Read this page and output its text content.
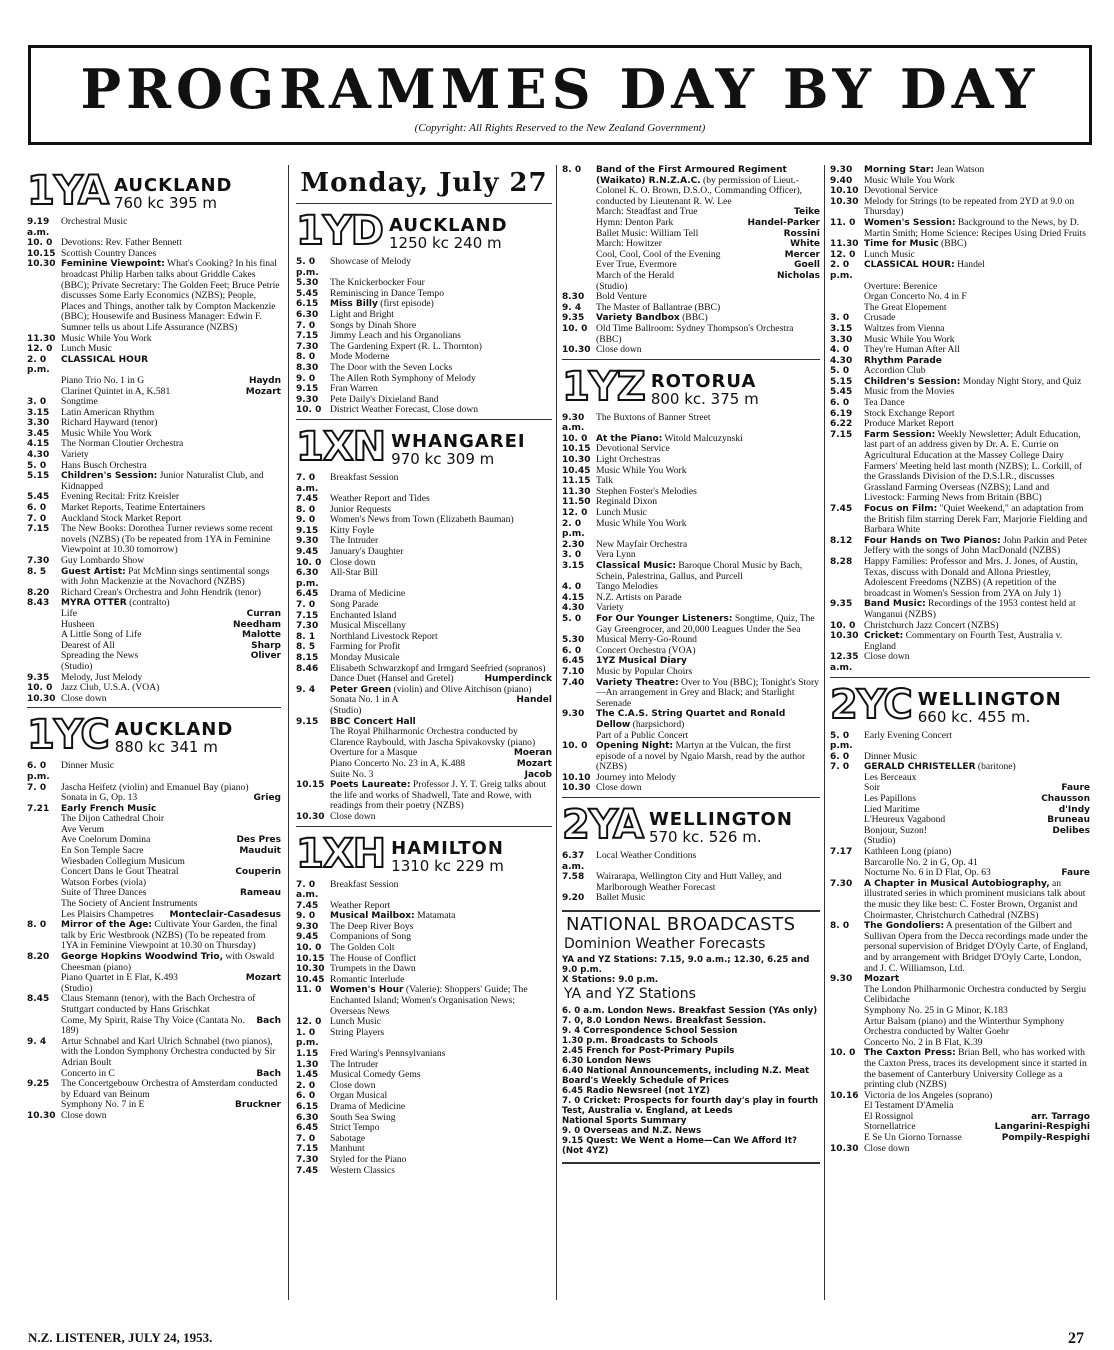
PROGRAMMES DAY BY DAY
(Copyright: All Rights Reserved to the New Zealand Government)
1YA AUCKLAND
760 kc 395 m
9.19 a.m.
Orchestral Music
10. 0 Devotions: Rev. Father Bennett
10.15 Scottish Country Dances
10.30 Feminine Viewpoint: What's Cooking? In his final broadcast Philip Harben talks about Griddle Cakes (BBC); Private Secretary: The Golden Feet; Bruce Petrie discusses Some Early Economics (NZBS); People, Places and Things, another talk by Compton Mackenzie (BBC); Housewife and Business Manager: Edwin F. Sumner tells us about Life Assurance (NZBS)
11.30 Music While You Work
12. 0 Lunch Music
2. 0 p.m.
CLASSICAL HOUR
Piano Trio No. 1 in G	Haydn
Clarinet Quintet in A, K.581	Mozart
3. 0	Songtime
3.15	Latin American Rhythm
3.30	Richard Hayward (tenor)
3.45	Music While You Work
4.15	The Norman Cloutier Orchestra
4.30	Variety
5. 0	Hans Busch Orchestra
5.15	Children's Session: Junior Naturalist Club, and Kidnapped
5.45	Evening Recital: Fritz Kreisler
6. 0	Market Reports, Teatime Entertainers
7. 0	Auckland Stock Market Report
7.15	The New Books: Dorothea Turner reviews some recent novels (NZBS) (To be repeated from 1YA in Feminine Viewpoint at 10.30 tomorrow)
7.30	Guy Lombardo Show
8. 5	Guest Artist: Pat McMinn sings sentimental songs with John Mackenzie at the Novachord (NZBS)
8.20	Richard Crean's Orchestra and John Hendrik (tenor)
8.43	MYRA OTTER (contralto)
Life	Curran
Husheen	Needham
A Little Song of Life	Malotte
Dearest of All	Sharp
Spreading the News	Oliver
(Studio)
9.35	Melody, Just Melody
10. 0 Jazz Club, U.S.A. (VOA)
10.30 Close down
1YC AUCKLAND
880 kc 341 m
6. 0 p.m.
Dinner Music
7. 0	Jascha Heifetz (violin) and Emanuel Bay (piano)
Sonata in G, Op. 13	Grieg
7.21	Early French Music
The Dijon Cathedral Choir
Ave Verum
Ave Coelorum Domina	Des Pres
En Son Temple Sacre	Mauduit
Wiesbaden Collegium Musicum
Concert Dans le Gout Theatral	Couperin
Watson Forbes (viola)
Suite of Three Dances	Rameau
The Society of Ancient Instruments
Les Plaisirs Champetres Monteclair-Casadesus
8. 0	Mirror of the Age: Cultivate Your Garden, the final talk by Eric Westbrook (NZBS) (To be repeated from 1YA in Feminine Viewpoint at 10.30 on Thursday)
8.20	George Hopkins Woodwind Trio, with Oswald Cheesman (piano)
Piano Quartet in E Flat, K.493	Mozart
(Studio)
8.45	Claus Stemann (tenor), with the Bach Orchestra of Stuttgart conducted by Hans Grischkat
Come, My Spirit, Raise Thy Voice (Cantata No. 189)
Bach
9. 4	Artur Schnabel and Karl Ulrich Schnabel (two pianos), with the London Symphony Orchestra conducted by Sir Adrian Boult
Concerto in C	Bach
9.25	The Concertgebouw Orchestra of Amsterdam conducted by Eduard van Beinum
Symphony No. 7 in E	Bruckner
10.30 Close down
Monday, July 27
1YD AUCKLAND
1250 kc 240 m
5. 0 p.m.
Showcase of Melody
5.30	The Knickerbocker Four
5.45	Reminiscing in Dance Tempo
6.15	Miss Billy (first episode)
6.30	Light and Bright
7. 0	Songs by Dinah Shore
7.15	Jimmy Leach and his Organolians
7.30	The Gardening Expert (R. L. Thornton)
8. 0	Mode Moderne
8.30	The Door with the Seven Locks
9. 0	The Allen Roth Symphony of Melody
9.15	Fran Warren
9.30	Pete Daily's Dixieland Band
10. 0 District Weather Forecast, Close down
1XN WHANGAREI
970 kc 309 m
7. 0 a.m.
Breakfast Session
7.45	Weather Report and Tides
8. 0	Junior Requests
9. 0	Women's News from Town (Elizabeth Bauman)
9.15	Kitty Foyle
9.30	The Intruder
9.45	January's Daughter
10. 0 Close down
6.30 p.m.
All-Star Bill
6.45	Drama of Medicine
7. 0	Song Parade
7.15	Enchanted Island
7.30	Musical Miscellany
8. 1	Northland Livestock Report
8. 5	Farming for Profit
8.15	Monday Musicale
8.46	Elisabeth Schwarzkopf and Irmgard Seefried (sopranos)
Dance Duet (Hansel and Gretel)	Humperdinck
9. 4	Peter Green (violin) and Olive Aitchison (piano)
Sonata No. 1 in A	Handel
(Studio)
9.15	BBC Concert Hall
The Royal Philharmonic Orchestra conducted by Clarence Raybould, with Jascha Spivakovsky (piano)
Overture for a Masque	Moeran
Piano Concerto No. 23 in A, K.488	Mozart
Suite No. 3	Jacob
10.15 Poets Laureate: Professor J. Y. T. Greig talks about the life and works of Shadwell, Tate and Rowe, with readings from their poetry (NZBS)
10.30 Close down
1XH HAMILTON
1310 kc 229 m
7. 0 a.m.
Breakfast Session
7.45	Weather Report
9. 0	Musical Mailbox: Matamata
9.30	The Deep River Boys
9.45	Companions of Song
10. 0 The Golden Colt
10.15 The House of Conflict
10.30 Trumpets in the Dawn
10.45 Romantic Interlude
11. 0 Women's Hour (Valerie): Shoppers' Guide; The Enchanted Island; Women's Organisation News; Overseas News
12. 0 Lunch Music
1. 0 p.m.
String Players
1.15	Fred Waring's Pennsylvanians
1.30	The Intruder
1.45	Musical Comedy Gems
2. 0	Close down
6. 0	Organ Musical
6.15	Drama of Medicine
6.30	South Sea Swing
6.45	Strict Tempo
7. 0	Sabotage
7.15	Manhunt
7.30	Styled for the Piano
7.45	Western Classics
8. 0	Band of the First Armoured Regiment (Waikato) R.N.Z.A.C. (by permission of Lieut.-Colonel K. O. Brown, D.S.O., Commanding Officer), conducted by Lieutenant R. W. Lee
March: Steadfast and True	Teike
Hymn: Denton Park	Handel-Parker
Ballet Music: William Tell	Rossini
March: Howitzer	White
Cool, Cool, Cool of the Evening	Mercer
Ever True, Evermore	Goell
March of the Herald	Nicholas
(Studio)
8.30	Bold Venture
9. 4	The Master of Ballantrae (BBC)
9.35	Variety Bandbox (BBC)
10. 0 Old Time Ballroom: Sydney Thompson's Orchestra (BBC)
10.30 Close down
1YZ ROTORUA
800 kc. 375 m
9.30 a.m.
The Buxtons of Banner Street
10. 0 At the Piano: Witold Malcuzynski
10.15 Devotional Service
10.30 Light Orchestras
10.45 Music While You Work
11.15 Talk
11.30 Stephen Foster's Melodies
11.50 Reginald Dixon
12. 0 Lunch Music
2. 0 p.m.
Music While You Work
2.30	New Mayfair Orchestra
3. 0	Vera Lynn
3.15	Classical Music: Baroque Choral Music by Bach, Schein, Palestrina, Gallus, and Purcell
4. 0	Tango Melodies
4.15	N.Z. Artists on Parade
4.30	Variety
5. 0	For Our Younger Listeners: Songtime, Quiz, The Gay Greengrocer, and 20,000 Leagues Under the Sea
5.30	Musical Merry-Go-Round
6. 0	Concert Orchestra (VOA)
6.45	1YZ Musical Diary
7.10	Music by Popular Choirs
7.40	Variety Theatre: Over to You (BBC); Tonight's Story—An arrangement in Grey and Black; and Starlight Serenade
9.30	The C.A.S. String Quartet and Ronald Dellow (harpsichord)
Part of a Public Concert
10. 0 Opening Night: Martyn at the Vulcan, the first episode of a novel by Ngaio Marsh, read by the author (NZBS)
10.10 Journey into Melody
10.30 Close down
2YA WELLINGTON
570 kc. 526 m.
6.37 a.m.
Local Weather Conditions
7.58	Wairarapa, Wellington City and Hutt Valley, and Marlborough Weather Forecast
9.20	Ballet Music
NATIONAL BROADCASTS
Dominion Weather Forecasts
YA and YZ Stations: 7.15, 9.0 a.m.; 12.30, 6.25 and 9.0 p.m.
X Stations: 9.0 p.m.
YA and YZ Stations
6. 0 a.m. London News. Breakfast Session (YAs only)
7. 0, 8.0 London News. Breakfast Session.
9. 4 Correspondence School Session
1.30 p.m. Broadcasts to Schools
2.45 French for Post-Primary Pupils
6.30 London News
6.40 National Announcements, including N.Z. Meat Board's Weekly Schedule of Prices
6.45 Radio Newsreel (not 1YZ)
7. 0 Cricket: Prospects for fourth day's play in fourth Test, Australia v. England, at Leeds
National Sports Summary
9. 0 Overseas and N.Z. News
9.15 Quest: We Went a Home—Can We Afford It? (Not 4YZ)
9.30	Morning Star: Jean Watson
9.40	Music While You Work
10.10 Devotional Service
10.30 Melody for Strings (to be repeated from 2YD at 9.0 on Thursday)
11. 0 Women's Session: Background to the News, by D. Martin Smith; Home Science: Recipes Using Dried Fruits
11.30 Time for Music (BBC)
12. 0 Lunch Music
2. 0 p.m.
CLASSICAL HOUR: Handel
Overture: Berenice
Organ Concerto No. 4 in F
The Great Elopement
3. 0	Crusade
3.15	Waltzes from Vienna
3.30	Music While You Work
4. 0	They're Human After All
4.30	Rhythm Parade
5. 0	Accordion Club
5.15	Children's Session: Monday Night Story, and Quiz
5.45	Music from the Movies
6. 0	Tea Dance
6.19	Stock Exchange Report
6.22	Produce Market Report
7.15	Farm Session: Weekly Newsletter; Adult Education, last part of an address given by Dr. A. E. Currie on Agricultural Education at the Massey College Dairy Farmers' Meeting held last month (NZBS); L. Corkill, of the Grasslands Division of the D.S.I.R., discusses Grassland Farming Overseas (NZBS); Land and Livestock: Farming News from Britain (BBC)
7.45	Focus on Film: "Quiet Weekend," an adaptation from the British film starring Derek Farr, Marjorie Fielding and Barbara White
8.12	Four Hands on Two Pianos: John Parkin and Peter Jeffery with the songs of John MacDonald (NZBS)
8.28	Happy Families: Professor and Mrs. J. Jones, of Austin, Texas, discuss with Donald and Allona Priestley, Adolescent Freedoms (NZBS) (A repetition of the broadcast in Women's Session from 2YA on July 1)
9.35	Band Music: Recordings of the 1953 contest held at Wanganui (NZBS)
10. 0 Christchurch Jazz Concert (NZBS)
10.30 Cricket: Commentary on Fourth Test, Australia v. England
12.35 a.m.
Close down
2YC WELLINGTON
660 kc. 455 m.
5. 0 p.m.
Early Evening Concert
6. 0	Dinner Music
7. 0	GERALD CHRISTELLER (baritone)
Les Berceaux
Soir	Faure
Les Papillons	Chausson
Lied Maritime	d'Indy
L'Heureux Vagabond	Bruneau
Bonjour, Suzon!	Delibes
(Studio)
7.17	Kathleen Long (piano)
Barcarolle No. 2 in G, Op. 41
Nocturne No. 6 in D Flat, Op. 63	Faure
7.30	A Chapter in Musical Autobiography, an illustrated series in which prominent musicians talk about the music they like best: C. Foster Brown, Organist and Choirmaster, Christchurch Cathedral (NZBS)
8. 0	The Gondoliers: A presentation of the Gilbert and Sullivan Opera from the Decca recordings made under the personal supervision of Bridget D'Oyly Carte, of England, and by arrangement with Bridget D'Oyly Carte, London, and J. C. Williamson, Ltd.
9.30	Mozart
The London Philharmonic Orchestra conducted by Sergiu Celibidache
Symphony No. 25 in G Minor, K.183
Artur Balsam (piano) and the Winterthur Symphony Orchestra conducted by Walter Goehr
Concerto No. 2 in B Flat, K.39
10. 0 The Caxton Press: Brian Bell, who has worked with the Caxton Press, traces its development since it started in the basement of Canterbury University College as a printing club (NZBS)
10.16 Victoria de los Angeles (soprano)
El Testament D'Amelia
El Rossignol	arr. Tarrago
Stornellatrice	Langarini-Respighi
E Se Un Giorno Tornasse	Pompily-Respighi
10.30 Close down
N.Z. LISTENER, JULY 24, 1953.	27
